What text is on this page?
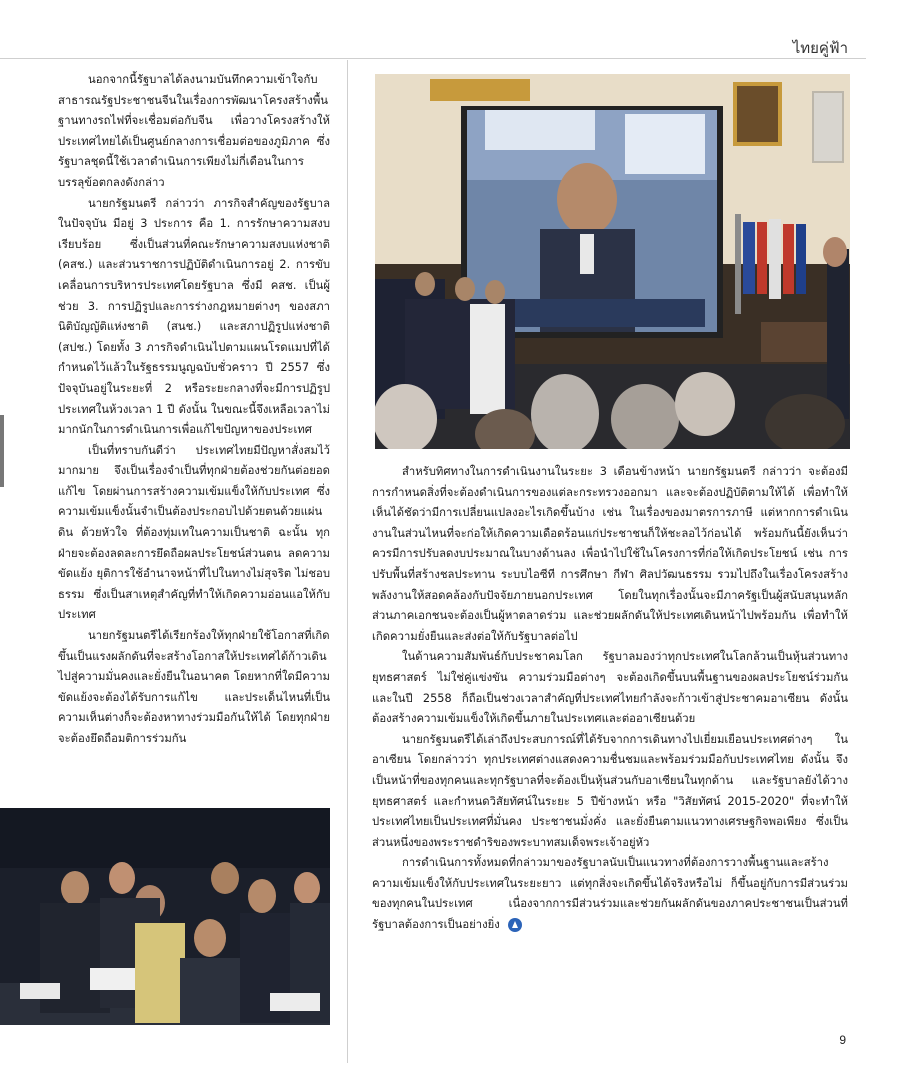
ไทยคู่ฟ้า

นอกจากนี้รัฐบาลได้ลงนามบันทึกความเข้าใจกับสาธารณรัฐประชาชนจีนในเรื่องการพัฒนาโครงสร้างพื้นฐานทางรถไฟที่จะเชื่อมต่อกับจีน เพื่อวางโครงสร้างให้ประเทศไทยได้เป็นศูนย์กลางการเชื่อมต่อของภูมิภาค ซึ่งรัฐบาลชุดนี้ใช้เวลาดำเนินการเพียงไม่กี่เดือนในการบรรลุข้อตกลงดังกล่าว

นายกรัฐมนตรี กล่าวว่า ภารกิจสำคัญของรัฐบาลในปัจจุบัน มีอยู่ 3 ประการ คือ 1. การรักษาความสงบเรียบร้อย ซึ่งเป็นส่วนที่คณะรักษาความสงบแห่งชาติ (คสช.) และส่วนราชการปฏิบัติดำเนินการอยู่ 2. การขับเคลื่อนการบริหารประเทศโดยรัฐบาล ซึ่งมี คสช. เป็นผู้ช่วย 3. การปฏิรูปและการร่างกฎหมายต่างๆ ของสภานิติบัญญัติแห่งชาติ (สนช.) และสภาปฏิรูปแห่งชาติ (สปช.) โดยทั้ง 3 ภารกิจดำเนินไปตามแผนโรดแมปที่ได้กำหนดไว้แล้วในรัฐธรรมนูญฉบับชั่วคราว ปี 2557 ซึ่งปัจจุบันอยู่ในระยะที่ 2 หรือระยะกลางที่จะมีการปฏิรูปประเทศในห้วงเวลา 1 ปี ดังนั้น ในขณะนี้จึงเหลือเวลาไม่มากนักในการดำเนินการเพื่อแก้ไขปัญหาของประเทศ

เป็นที่ทราบกันดีว่า ประเทศไทยมีปัญหาสั่งสมไว้มากมาย จึงเป็นเรื่องจำเป็นที่ทุกฝ่ายต้องช่วยกันต่อยอดแก้ไข โดยผ่านการสร้างความเข้มแข็งให้กับประเทศ ซึ่งความเข้มแข็งนั้นจำเป็นต้องประกอบไปด้วยตนด้วยแผ่นดิน ด้วยหัวใจ ที่ต้องทุ่มเทในความเป็นชาติ ฉะนั้น ทุกฝ่ายจะต้องลดละการยึดถือผลประโยชน์ส่วนตน ลดความขัดแย้ง ยุติการใช้อำนาจหน้าที่ไปในทางไม่สุจริต ไม่ชอบธรรม ซึ่งเป็นสาเหตุสำคัญที่ทำให้เกิดความอ่อนแอให้กับประเทศ

นายกรัฐมนตรีได้เรียกร้องให้ทุกฝ่ายใช้โอกาสที่เกิดขึ้นเป็นแรงผลักดันที่จะสร้างโอกาสให้ประเทศได้ก้าวเดินไปสู่ความมั่นคงและยั่งยืนในอนาคต โดยหากที่ใดมีความขัดแย้งจะต้องได้รับการแก้ไข และประเด็นไหนที่เป็นความเห็นต่างก็จะต้องหาทางร่วมมือกันให้ได้ โดยทุกฝ่ายจะต้องยึดถือมติการร่วมกัน

สำหรับทิศทางในการดำเนินงานในระยะ 3 เดือนข้างหน้า นายกรัฐมนตรี กล่าวว่า จะต้องมีการกำหนดสิ่งที่จะต้องดำเนินการของแต่ละกระทรวงออกมา และจะต้องปฏิบัติตามให้ได้ เพื่อทำให้เห็นได้ชัดว่ามีการเปลี่ยนแปลงอะไรเกิดขึ้นบ้าง เช่น ในเรื่องของมาตรการภาษี แต่หากการดำเนินงานในส่วนไหนที่จะก่อให้เกิดความเดือดร้อนแก่ประชาชนก็ให้ชะลอไว้ก่อนได้ พร้อมกันนี้ยังเห็นว่าควรมีการปรับลดงบประมาณในบางด้านลง เพื่อนำไปใช้ในโครงการที่ก่อให้เกิดประโยชน์ เช่น การปรับพื้นที่สร้างชลประทาน ระบบไอซีที การศึกษา กีฬา ศิลปวัฒนธรรม รวมไปถึงในเรื่องโครงสร้างพลังงานให้สอดคล้องกับปัจจัยภายนอกประเทศ โดยในทุกเรื่องนั้นจะมีภาครัฐเป็นผู้สนับสนุนหลัก ส่วนภาคเอกชนจะต้องเป็นผู้หาตลาดร่วม และช่วยผลักดันให้ประเทศเดินหน้าไปพร้อมกัน เพื่อทำให้เกิดความยั่งยืนและส่งต่อให้กับรัฐบาลต่อไป

ในด้านความสัมพันธ์กับประชาคมโลก รัฐบาลมองว่าทุกประเทศในโลกล้วนเป็นหุ้นส่วนทางยุทธศาสตร์ ไม่ใช่คู่แข่งขัน ความร่วมมือต่างๆ จะต้องเกิดขึ้นบนพื้นฐานของผลประโยชน์ร่วมกัน และในปี 2558 ก็ถือเป็นช่วงเวลาสำคัญที่ประเทศไทยกำลังจะก้าวเข้าสู่ประชาคมอาเซียน ดังนั้น ต้องสร้างความเข้มแข็งให้เกิดขึ้นภายในประเทศและต่ออาเซียนด้วย

นายกรัฐมนตรีได้เล่าถึงประสบการณ์ที่ได้รับจากการเดินทางไปเยี่ยมเยือนประเทศต่างๆ ในอาเซียน โดยกล่าวว่า ทุกประเทศต่างแสดงความชื่นชมและพร้อมร่วมมือกับประเทศไทย ดังนั้น จึงเป็นหน้าที่ของทุกคนและทุกรัฐบาลที่จะต้องเป็นหุ้นส่วนกับอาเซียนในทุกด้าน และรัฐบาลยังได้วางยุทธศาสตร์ และกำหนดวิสัยทัศน์ในระยะ 5 ปีข้างหน้า หรือ "วิสัยทัศน์ 2015-2020" ที่จะทำให้ประเทศไทยเป็นประเทศที่มั่นคง ประชาชนมั่งคั่ง และยั่งยืนตามแนวทางเศรษฐกิจพอเพียง ซึ่งเป็นส่วนหนึ่งของพระราชดำริของพระบาทสมเด็จพระเจ้าอยู่หัว

การดำเนินการทั้งหมดที่กล่าวมาของรัฐบาลนับเป็นแนวทางที่ต้องการวางพื้นฐานและสร้างความเข้มแข็งให้กับประเทศในระยะยาว แต่ทุกสิ่งจะเกิดขึ้นได้จริงหรือไม่ ก็ขึ้นอยู่กับการมีส่วนร่วมของทุกคนในประเทศ เนื่องจากการมีส่วนร่วมและช่วยกันผลักดันของภาคประชาชนเป็นส่วนที่รัฐบาลต้องการเป็นอย่างยิ่ง

9
